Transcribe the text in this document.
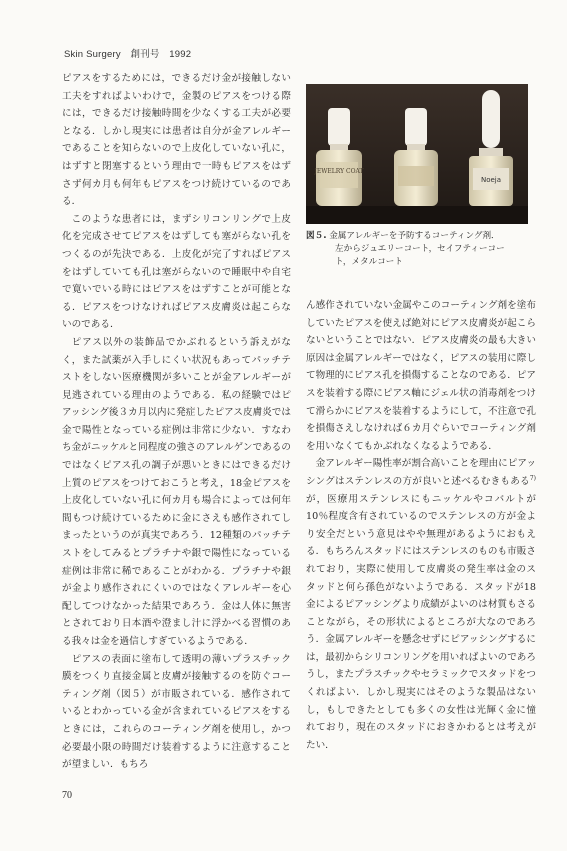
Skin Surgery　創刊号　1992

ピアスをするためには，できるだけ金が接触しない工夫をすればよいわけで，金製のピアスをつける際には，できるだけ接触時間を少なくする工夫が必要となる．しかし現実には患者は自分が金アレルギーであることを知らないので上皮化していない孔に，はずすと閉塞するという理由で一時もピアスをはずさず何カ月も何年もピアスをつけ続けているのである．

このような患者には，まずシリコンリングで上皮化を完成させてピアスをはずしても塞がらない孔をつくるのが先決である．上皮化が完了すればピアスをはずしていても孔は塞がらないので睡眠中や自宅で寛いでいる時にはピアスをはずすことが可能となる．ピアスをつけなければピアス皮膚炎は起こらないのである．

ピアス以外の装飾品でかぶれるという訴えがなく，また試薬が入手しにくい状況もあってパッチテストをしない医療機関が多いことが金アレルギーが見逃されている理由のようである．私の経験ではピアッシング後３カ月以内に発症したピアス皮膚炎では金で陽性となっている症例は非常に少ない．すなわち金がニッケルと同程度の強さのアレルゲンであるのではなくピアス孔の調子が悪いときにはできるだけ上質のピアスをつけておこうと考え，18金ピアスを上皮化していない孔に何カ月も場合によっては何年間もつけ続けているために金にさえも感作されてしまったというのが真実であろう．12種類のパッチテストをしてみるとプラチナや銀で陽性になっている症例は非常に稀であることがわかる．プラチナや銀が金より感作されにくいのではなくアレルギーを心配してつけなかった結果であろう．金は人体に無害とされており日本酒や澄まし汁に浮かべる習慣のある我々は金を過信しすぎているようである．

ピアスの表面に塗布して透明の薄いプラスチック膜をつくり直接金属と皮膚が接触するのを防ぐコーティング剤（図５）が市販されている．感作されているとわかっている金が含まれているピアスをするときには，これらのコーティング剤を使用し，かつ必要最小限の時間だけ装着するように注意することが望ましい．もちろ

JEWELRY COAT
Noeja
図５. 金属アレルギーを予防するコーティング剤．
左からジュエリーコート，セイフティーコー
ト，メタルコート

ん感作されていない金属やこのコーティング剤を塗布していたピアスを使えば絶対にピアス皮膚炎が起こらないということではない．ピアス皮膚炎の最も大きい原因は金属アレルギーではなく，ピアスの装用に際して物理的にピアス孔を損傷することなのである．ピアスを装着する際にピアス軸にジェル状の消毒剤をつけて滑らかにピアスを装着するようにして，不注意で孔を損傷さえしなければ６カ月ぐらいでコーティング剤を用いなくてもかぶれなくなるようである．

金アレルギー陽性率が割合高いことを理由にピアッシングはステンレスの方が良いと述べるむきもある$^{7)}$が，医療用ステンレスにもニッケルやコバルトが10％程度含有されているのでステンレスの方が金より安全だという意見はやや無理があるようにおもえる．もちろんスタッドにはステンレスのものも市販されており，実際に使用して皮膚炎の発生率は金のスタッドと何ら孫色がないようである．スタッドが18金によるピアッシングより成績がよいのは材質もさることながら，その形状によるところが大なのであろう．金属アレルギーを懸念せずにピアッシングするには，最初からシリコンリングを用いればよいのであろうし，またプラスチックやセラミックでスタッドをつくればよい．しかし現実にはそのような製品はないし，もしできたとしても多くの女性は光輝く金に憧れており，現在のスタッドにおきかわるとは考えがたい．

70
